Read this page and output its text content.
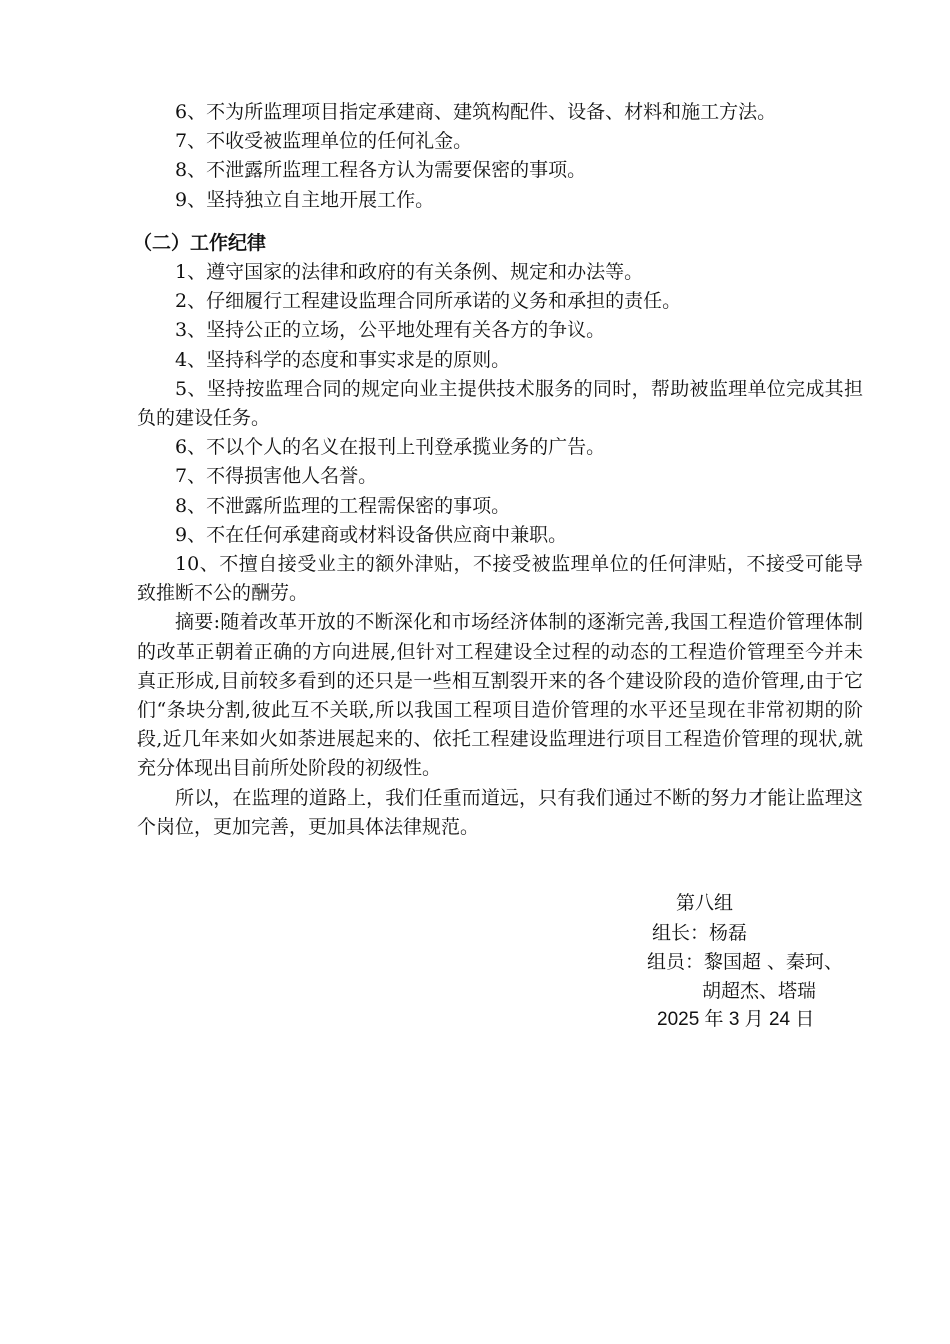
6、不为所监理项目指定承建商、建筑构配件、设备、材料和施工方法。

7、不收受被监理单位的任何礼金。

8、不泄露所监理工程各方认为需要保密的事项。

9、坚持独立自主地开展工作。

（二）工作纪律

1、遵守国家的法律和政府的有关条例、规定和办法等。

2、仔细履行工程建设监理合同所承诺的义务和承担的责任。

3、坚持公正的立场，公平地处理有关各方的争议。

4、坚持科学的态度和事实求是的原则。

5、坚持按监理合同的规定向业主提供技术服务的同时，帮助被监理单位完成其担负的建设任务。

6、不以个人的名义在报刊上刊登承揽业务的广告。

7、不得损害他人名誉。

8、不泄露所监理的工程需保密的事项。

9、不在任何承建商或材料设备供应商中兼职。

10、不擅自接受业主的额外津贴，不接受被监理单位的任何津贴，不接受可能导致推断不公的酬劳。

摘要:随着改革开放的不断深化和市场经济体制的逐渐完善,我国工程造价管理体制的改革正朝着正确的方向进展,但针对工程建设全过程的动态的工程造价管理至今并未真正形成,目前较多看到的还只是一些相互割裂开来的各个建设阶段的造价管理,由于它们“条块分割,彼此互不关联,所以我国工程项目造价管理的水平还呈现在非常初期的阶段,近几年来如火如荼进展起来的、依托工程建设监理进行项目工程造价管理的现状,就充分体现出目前所处阶段的初级性。

所以，在监理的道路上，我们任重而道远，只有我们通过不断的努力才能让监理这个岗位，更加完善，更加具体法律规范。

第八组
组长：杨磊
组员：黎国超 、秦珂、
胡超杰、塔瑞
2025 年 3 月 24 日
